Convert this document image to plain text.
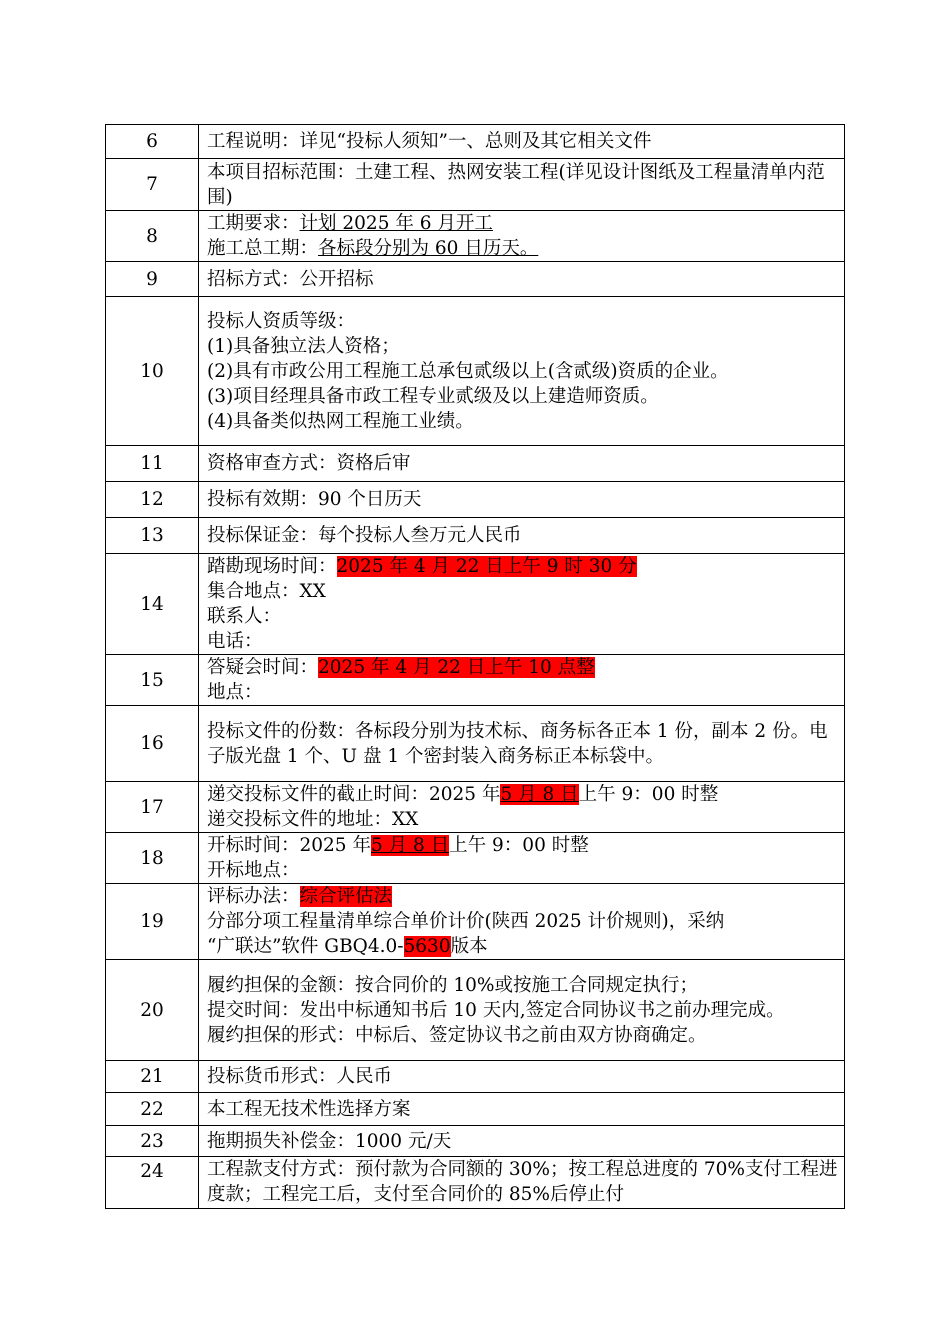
6	工程说明：详见“投标人须知”一、总则及其它相关文件

7	本项目招标范围：土建工程、热网安装工程(详见设计图纸及工程量清单内范围)

8	工期要求：计划 2025 年 6 月开工
施工总工期：各标段分别为 60 日历天。

9	招标方式：公开招标

10	投标人资质等级：
(1)具备独立法人资格；
(2)具有市政公用工程施工总承包贰级以上(含贰级)资质的企业。
(3)项目经理具备市政工程专业贰级及以上建造师资质。
(4)具备类似热网工程施工业绩。

11	资格审查方式：资格后审

12	投标有效期：90 个日历天

13	投标保证金：每个投标人叁万元人民币

14	踏勘现场时间：2025 年 4 月 22 日上午 9 时 30 分
集合地点：XX
联系人：
电话：

15	答疑会时间：2025 年 4 月 22 日上午 10 点整
地点：

16	投标文件的份数：各标段分别为技术标、商务标各正本 1 份，副本 2 份。电子版光盘 1 个、U 盘 1 个密封装入商务标正本标袋中。

17	递交投标文件的截止时间：2025 年5 月 8 日上午 9：00 时整
递交投标文件的地址：XX

18	开标时间：2025 年5 月 8 日上午 9：00 时整
开标地点：

19	评标办法：综合评估法
分部分项工程量清单综合单价计价(陕西 2025 计价规则)，采纳
“广联达”软件 GBQ4.0-5630版本

20	履约担保的金额：按合同价的 10%或按施工合同规定执行；
提交时间：发出中标通知书后 10 天内,签定合同协议书之前办理完成。
履约担保的形式：中标后、签定协议书之前由双方协商确定。

21	投标货币形式：人民币

22	本工程无技术性选择方案

23	拖期损失补偿金：1000 元/天

24	工程款支付方式：预付款为合同额的 30%；按工程总进度的 70%支付工程进度款；工程完工后，支付至合同价的 85%后停止付
